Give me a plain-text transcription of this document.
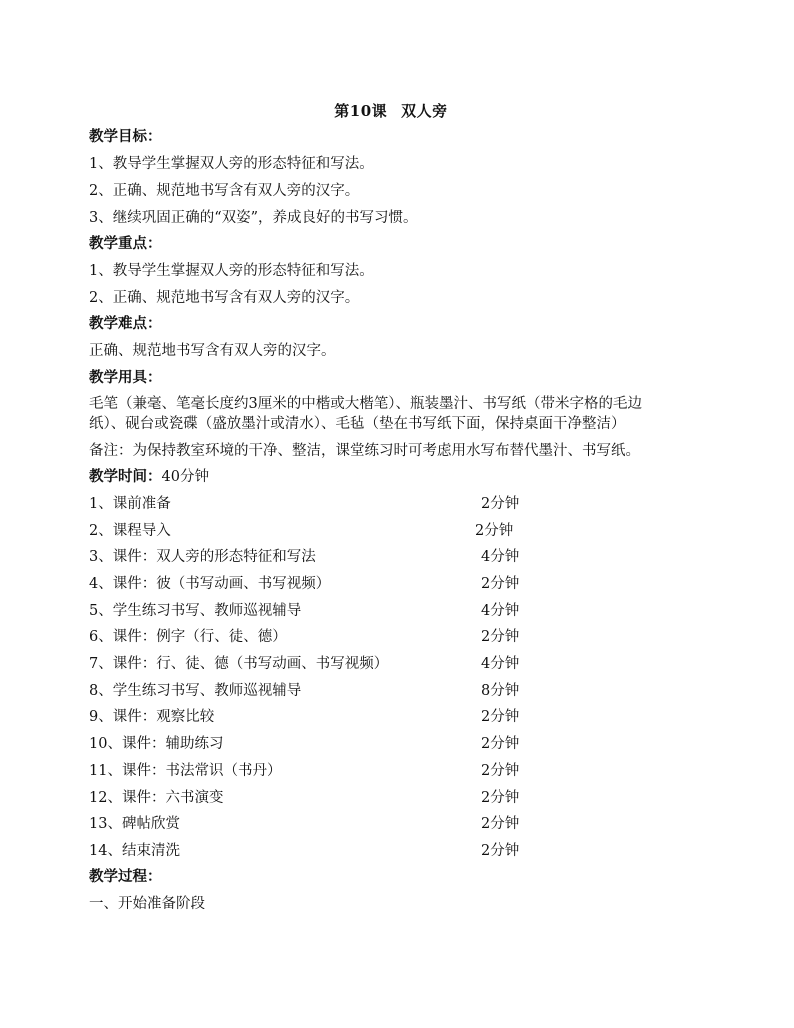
第10课 双人旁
教学目标：
1、教导学生掌握双人旁的形态特征和写法。
2、正确、规范地书写含有双人旁的汉字。
3、继续巩固正确的“双姿”，养成良好的书写习惯。
教学重点：
1、教导学生掌握双人旁的形态特征和写法。
2、正确、规范地书写含有双人旁的汉字。
教学难点：
正确、规范地书写含有双人旁的汉字。
教学用具：
毛笔（兼毫、笔毫长度约3厘米的中楷或大楷笔）、瓶装墨汁、书写纸（带米字格的毛边
纸）、砚台或瓷碟（盛放墨汁或清水）、毛毡（垫在书写纸下面，保持桌面干净整洁）
备注：为保持教室环境的干净、整洁，课堂练习时可考虑用水写布替代墨汁、书写纸。
教学时间：40分钟
1、课前准备	2分钟
2、课程导入	2分钟
3、课件：双人旁的形态特征和写法	4分钟
4、课件：彼（书写动画、书写视频）	2分钟
5、学生练习书写、教师巡视辅导	4分钟
6、课件：例字（行、徒、德）	2分钟
7、课件：行、徒、德（书写动画、书写视频）	4分钟
8、学生练习书写、教师巡视辅导	8分钟
9、课件：观察比较	2分钟
10、课件：辅助练习	2分钟
11、课件：书法常识（书丹）	2分钟
12、课件：六书演变	2分钟
13、碑帖欣赏	2分钟
14、结束清洗	2分钟
教学过程：
一、开始准备阶段
